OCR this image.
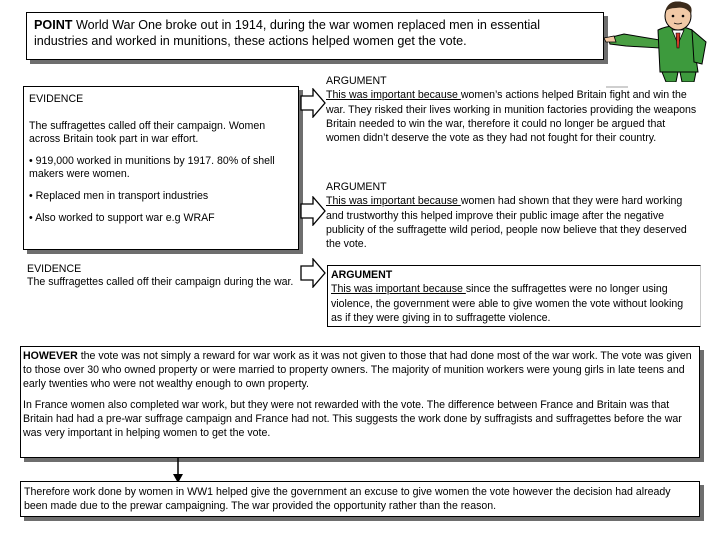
POINT World War One broke out in 1914, during the war women replaced men in essential industries and worked in munitions, these actions helped women get the vote.

EVIDENCE

The suffragettes called off their campaign. Women across Britain took part in war effort.

• 919,000 worked in munitions by 1917. 80% of shell makers were women.

• Replaced men in transport industries

• Also worked to support war e.g WRAF

EVIDENCE
The suffragettes called off their campaign during the war.
ARGUMENT
This was important because women’s actions helped Britain fight and win the war. They risked their lives working in munition factories providing the weapons Britain needed to win the war, therefore it could no longer be argued that women didn’t deserve the vote as they had not fought for their country.
ARGUMENT
This was important because women had shown that they were hard working and trustworthy this helped improve their public image after the negative publicity of the suffragette wild period, people now believe that they deserved the vote.
ARGUMENT
This was important because since the suffragettes were no longer using violence, the government were able to give women the vote without looking as if they were giving in to suffragette violence.

HOWEVER the vote was not simply a reward for war work as it was not given to those that had done most of the war work. The vote was given to those over 30 who owned property or were married to property owners. The majority of munition workers were young girls in late teens and early twenties who were not wealthy enough to own property.

In France women also completed war work, but they were not rewarded with the vote. The difference between France and Britain was that Britain had had a pre-war suffrage campaign and France had not. This suggests the work done by suffragists and suffragettes before the war was very important in helping women to get the vote.

Therefore work done by women in WW1 helped give the government an excuse to give women the vote however the decision had already been made due to the prewar campaigning. The war provided the opportunity rather than the reason.
